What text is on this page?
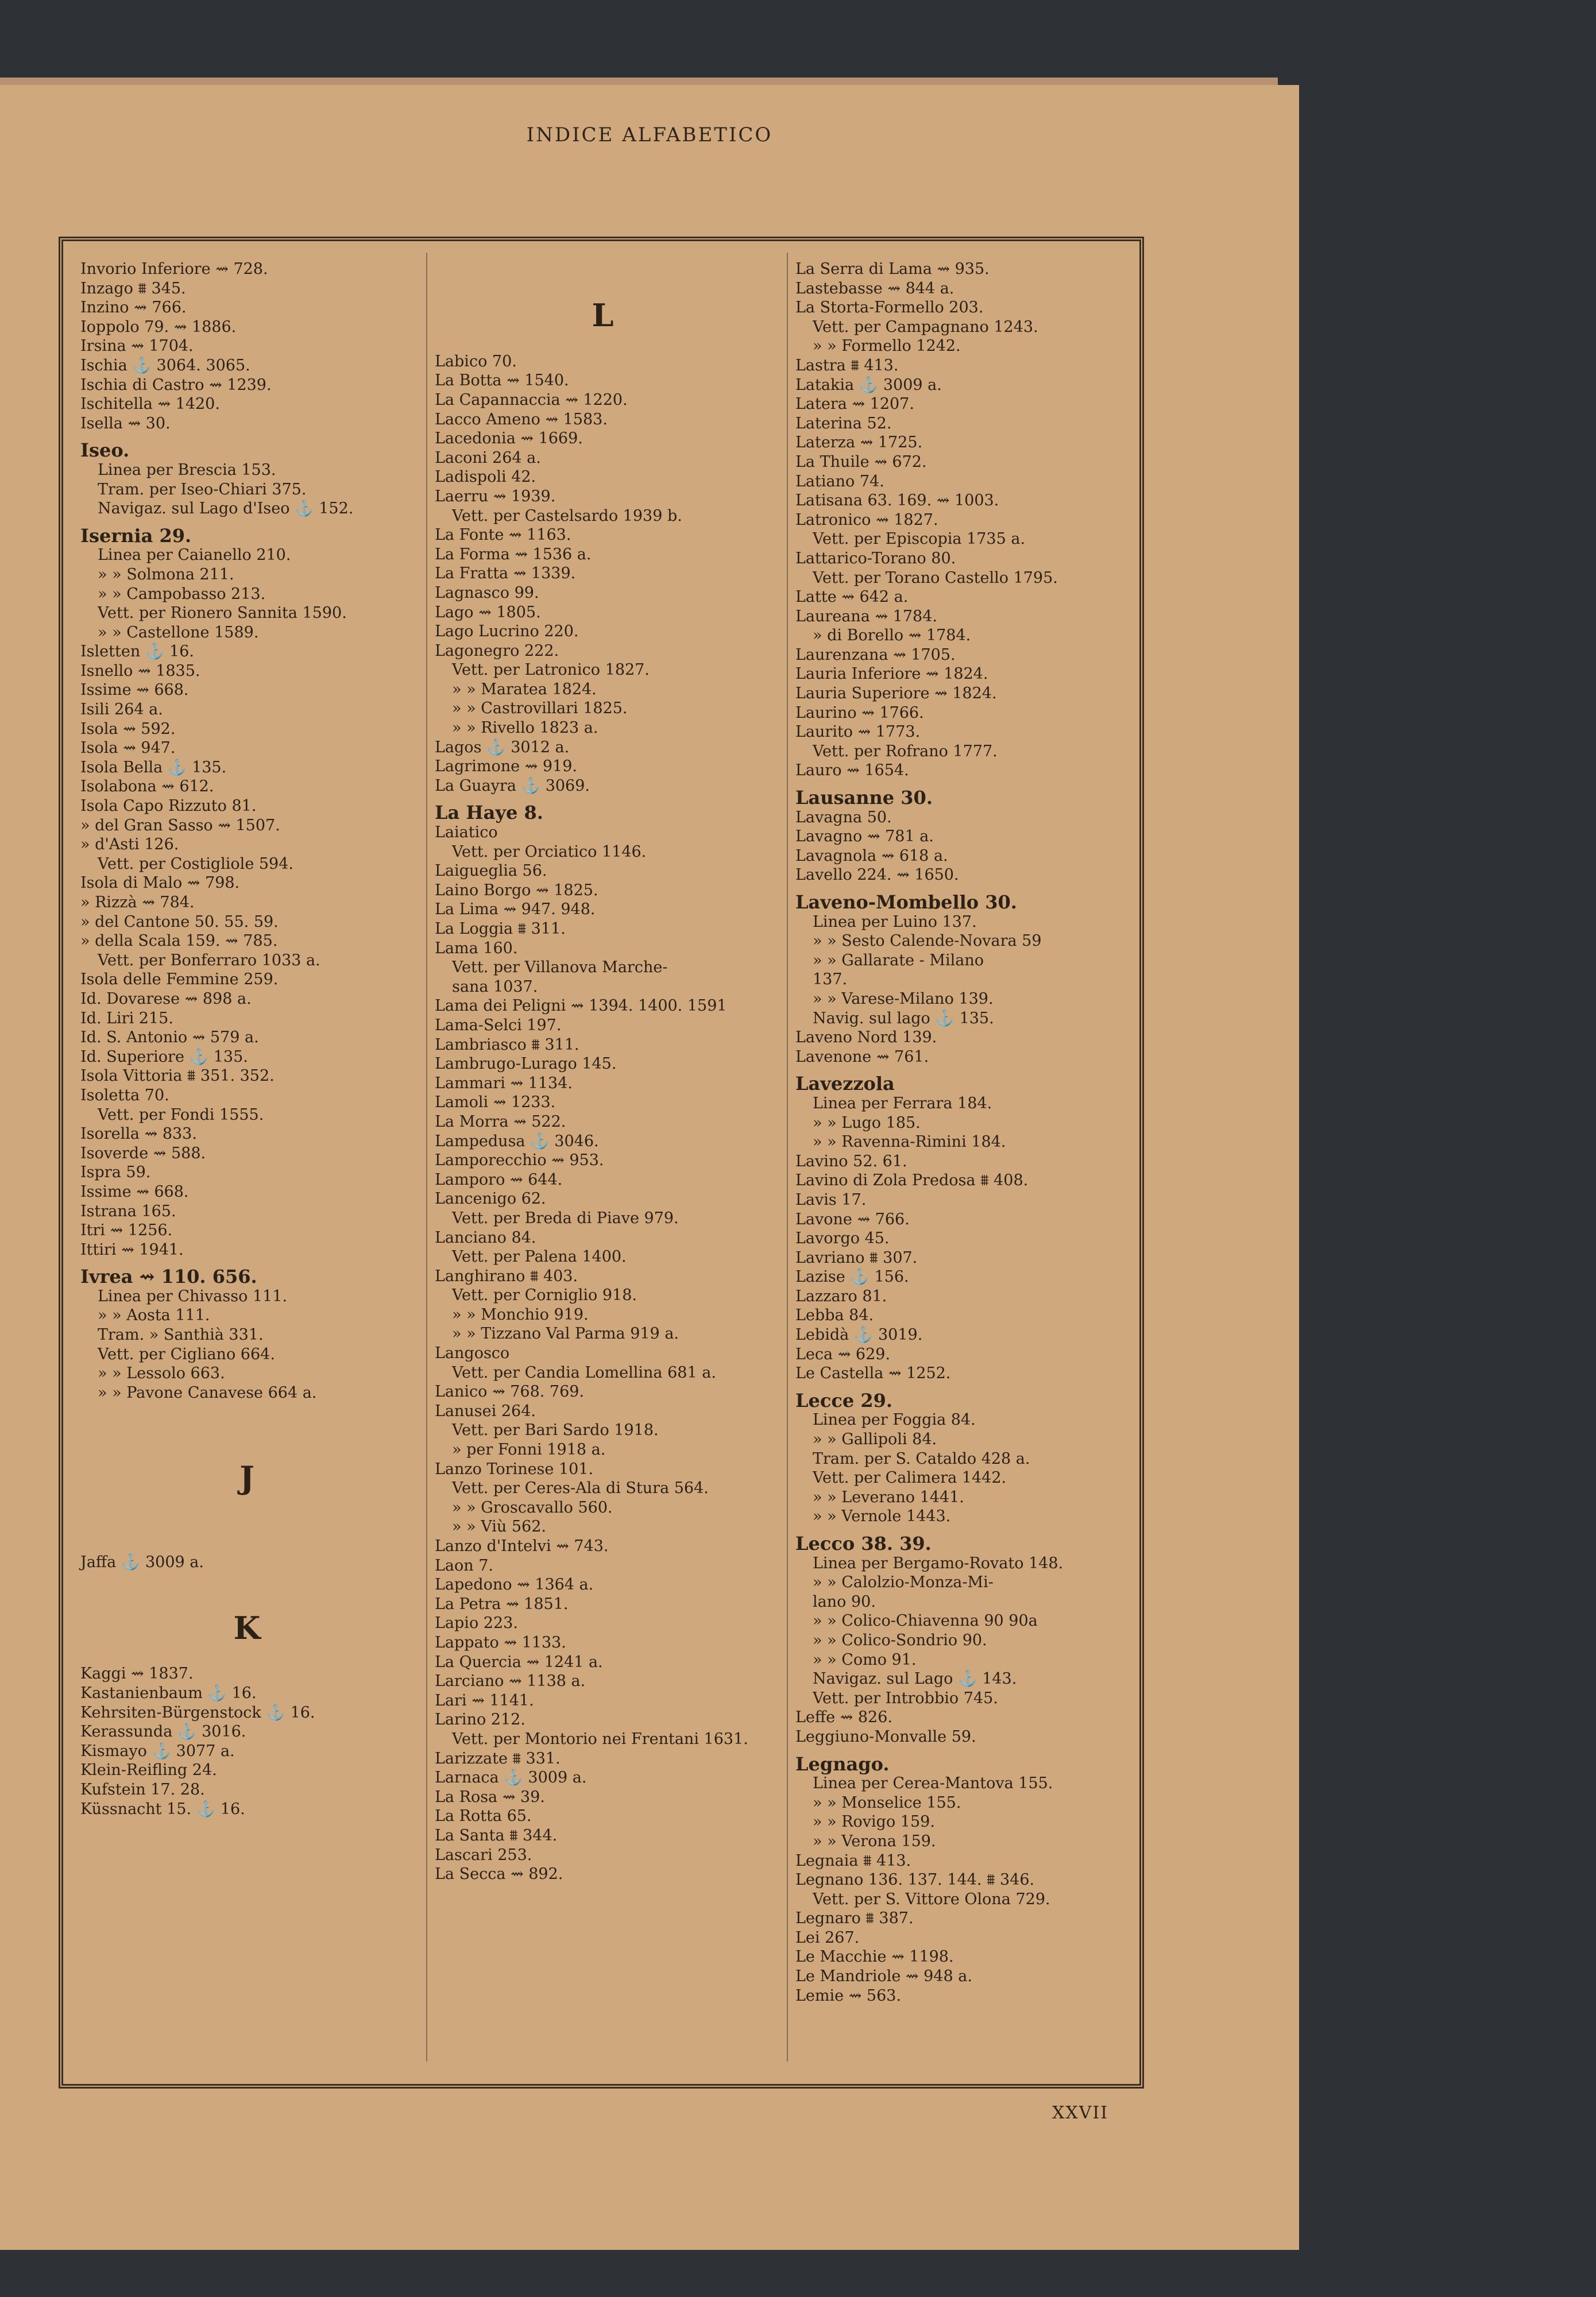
INDICE ALFABETICO
Invorio Inferiore ⇝ 728.
Inzago ⩩ 345.
Inzino ⇝ 766.
Ioppolo 79. ⇝ 1886.
Irsina ⇝ 1704.
Ischia ⚓ 3064. 3065.
Ischia di Castro ⇝ 1239.
Ischitella ⇝ 1420.
Isella ⇝ 30.
Iseo.
Linea per Brescia 153.
Tram. per Iseo-Chiari 375.
Navigaz. sul Lago d'Iseo ⚓ 152.
Isernia 29.
Linea per Caianello 210.
» » Solmona 211.
» » Campobasso 213.
Vett. per Rionero Sannita 1590.
» » Castellone 1589.
Isletten ⚓ 16.
Isnello ⇝ 1835.
Issime ⇝ 668.
Isili 264 a.
Isola ⇝ 592.
Isola ⇝ 947.
Isola Bella ⚓ 135.
Isolabona ⇝ 612.
Isola Capo Rizzuto 81.
» del Gran Sasso ⇝ 1507.
» d'Asti 126.
Vett. per Costigliole 594.
Isola di Malo ⇝ 798.
» Rizzà ⇝ 784.
» del Cantone 50. 55. 59.
» della Scala 159. ⇝ 785.
Vett. per Bonferraro 1033 a.
Isola delle Femmine 259.
Id. Dovarese ⇝ 898 a.
Id. Liri 215.
Id. S. Antonio ⇝ 579 a.
Id. Superiore ⚓ 135.
Isola Vittoria ⩩ 351. 352.
Isoletta 70.
Vett. per Fondi 1555.
Isorella ⇝ 833.
Isoverde ⇝ 588.
Ispra 59.
Issime ⇝ 668.
Istrana 165.
Itri ⇝ 1256.
Ittiri ⇝ 1941.
Ivrea ⇝ 110. 656.
Linea per Chivasso 111.
» » Aosta 111.
Tram. » Santhià 331.
Vett. per Cigliano 664.
» » Lessolo 663.
» » Pavone Canavese 664 a.
J
Jaffa ⚓ 3009 a.
K
Kaggi ⇝ 1837.
Kastanienbaum ⚓ 16.
Kehrsiten-Bürgenstock ⚓ 16.
Kerassunda ⚓ 3016.
Kismayo ⚓ 3077 a.
Klein-Reifling 24.
Kufstein 17. 28.
Küssnacht 15. ⚓ 16.
L
Labico 70.
La Botta ⇝ 1540.
La Capannaccia ⇝ 1220.
Lacco Ameno ⇝ 1583.
Lacedonia ⇝ 1669.
Laconi 264 a.
Ladispoli 42.
Laerru ⇝ 1939.
Vett. per Castelsardo 1939 b.
La Fonte ⇝ 1163.
La Forma ⇝ 1536 a.
La Fratta ⇝ 1339.
Lagnasco 99.
Lago ⇝ 1805.
Lago Lucrino 220.
Lagonegro 222.
Vett. per Latronico 1827.
» » Maratea 1824.
» » Castrovillari 1825.
» » Rivello 1823 a.
Lagos ⚓ 3012 a.
Lagrimone ⇝ 919.
La Guayra ⚓ 3069.
La Haye 8.
Laiatico
Vett. per Orciatico 1146.
Laigueglia 56.
Laino Borgo ⇝ 1825.
La Lima ⇝ 947. 948.
La Loggia ⩩ 311.
Lama 160.
Vett. per Villanova Marche-
sana 1037.
Lama dei Peligni ⇝ 1394. 1400. 1591
Lama-Selci 197.
Lambriasco ⩩ 311.
Lambrugo-Lurago 145.
Lammari ⇝ 1134.
Lamoli ⇝ 1233.
La Morra ⇝ 522.
Lampedusa ⚓ 3046.
Lamporecchio ⇝ 953.
Lamporo ⇝ 644.
Lancenigo 62.
Vett. per Breda di Piave 979.
Lanciano 84.
Vett. per Palena 1400.
Langhirano ⩩ 403.
Vett. per Corniglio 918.
» » Monchio 919.
» » Tizzano Val Parma 919 a.
Langosco
Vett. per Candia Lomellina 681 a.
Lanico ⇝ 768. 769.
Lanusei 264.
Vett. per Bari Sardo 1918.
» per Fonni 1918 a.
Lanzo Torinese 101.
Vett. per Ceres-Ala di Stura 564.
» » Groscavallo 560.
» » Viù 562.
Lanzo d'Intelvi ⇝ 743.
Laon 7.
Lapedono ⇝ 1364 a.
La Petra ⇝ 1851.
Lapio 223.
Lappato ⇝ 1133.
La Quercia ⇝ 1241 a.
Larciano ⇝ 1138 a.
Lari ⇝ 1141.
Larino 212.
Vett. per Montorio nei Frentani 1631.
Larizzate ⩩ 331.
Larnaca ⚓ 3009 a.
La Rosa ⇝ 39.
La Rotta 65.
La Santa ⩩ 344.
Lascari 253.
La Secca ⇝ 892.
La Serra di Lama ⇝ 935.
Lastebasse ⇝ 844 a.
La Storta-Formello 203.
Vett. per Campagnano 1243.
» » Formello 1242.
Lastra ⩩ 413.
Latakia ⚓ 3009 a.
Latera ⇝ 1207.
Laterina 52.
Laterza ⇝ 1725.
La Thuile ⇝ 672.
Latiano 74.
Latisana 63. 169. ⇝ 1003.
Latronico ⇝ 1827.
Vett. per Episcopia 1735 a.
Lattarico-Torano 80.
Vett. per Torano Castello 1795.
Latte ⇝ 642 a.
Laureana ⇝ 1784.
» di Borello ⇝ 1784.
Laurenzana ⇝ 1705.
Lauria Inferiore ⇝ 1824.
Lauria Superiore ⇝ 1824.
Laurino ⇝ 1766.
Laurito ⇝ 1773.
Vett. per Rofrano 1777.
Lauro ⇝ 1654.
Lausanne 30.
Lavagna 50.
Lavagno ⇝ 781 a.
Lavagnola ⇝ 618 a.
Lavello 224. ⇝ 1650.
Laveno-Mombello 30.
Linea per Luino 137.
» » Sesto Calende-Novara 59
» » Gallarate - Milano
137.
» » Varese-Milano 139.
Navig. sul lago ⚓ 135.
Laveno Nord 139.
Lavenone ⇝ 761.
Lavezzola
Linea per Ferrara 184.
» » Lugo 185.
» » Ravenna-Rimini 184.
Lavino 52. 61.
Lavino di Zola Predosa ⩩ 408.
Lavis 17.
Lavone ⇝ 766.
Lavorgo 45.
Lavriano ⩩ 307.
Lazise ⚓ 156.
Lazzaro 81.
Lebba 84.
Lebidà ⚓ 3019.
Leca ⇝ 629.
Le Castella ⇝ 1252.
Lecce 29.
Linea per Foggia 84.
» » Gallipoli 84.
Tram. per S. Cataldo 428 a.
Vett. per Calimera 1442.
» » Leverano 1441.
» » Vernole 1443.
Lecco 38. 39.
Linea per Bergamo-Rovato 148.
» » Calolzio-Monza-Mi-
lano 90.
» » Colico-Chiavenna 90 90a
» » Colico-Sondrio 90.
» » Como 91.
Navigaz. sul Lago ⚓ 143.
Vett. per Introbbio 745.
Leffe ⇝ 826.
Leggiuno-Monvalle 59.
Legnago.
Linea per Cerea-Mantova 155.
» » Monselice 155.
» » Rovigo 159.
» » Verona 159.
Legnaia ⩩ 413.
Legnano 136. 137. 144. ⩩ 346.
Vett. per S. Vittore Olona 729.
Legnaro ⩩ 387.
Lei 267.
Le Macchie ⇝ 1198.
Le Mandriole ⇝ 948 a.
Lemie ⇝ 563.
XXVII
